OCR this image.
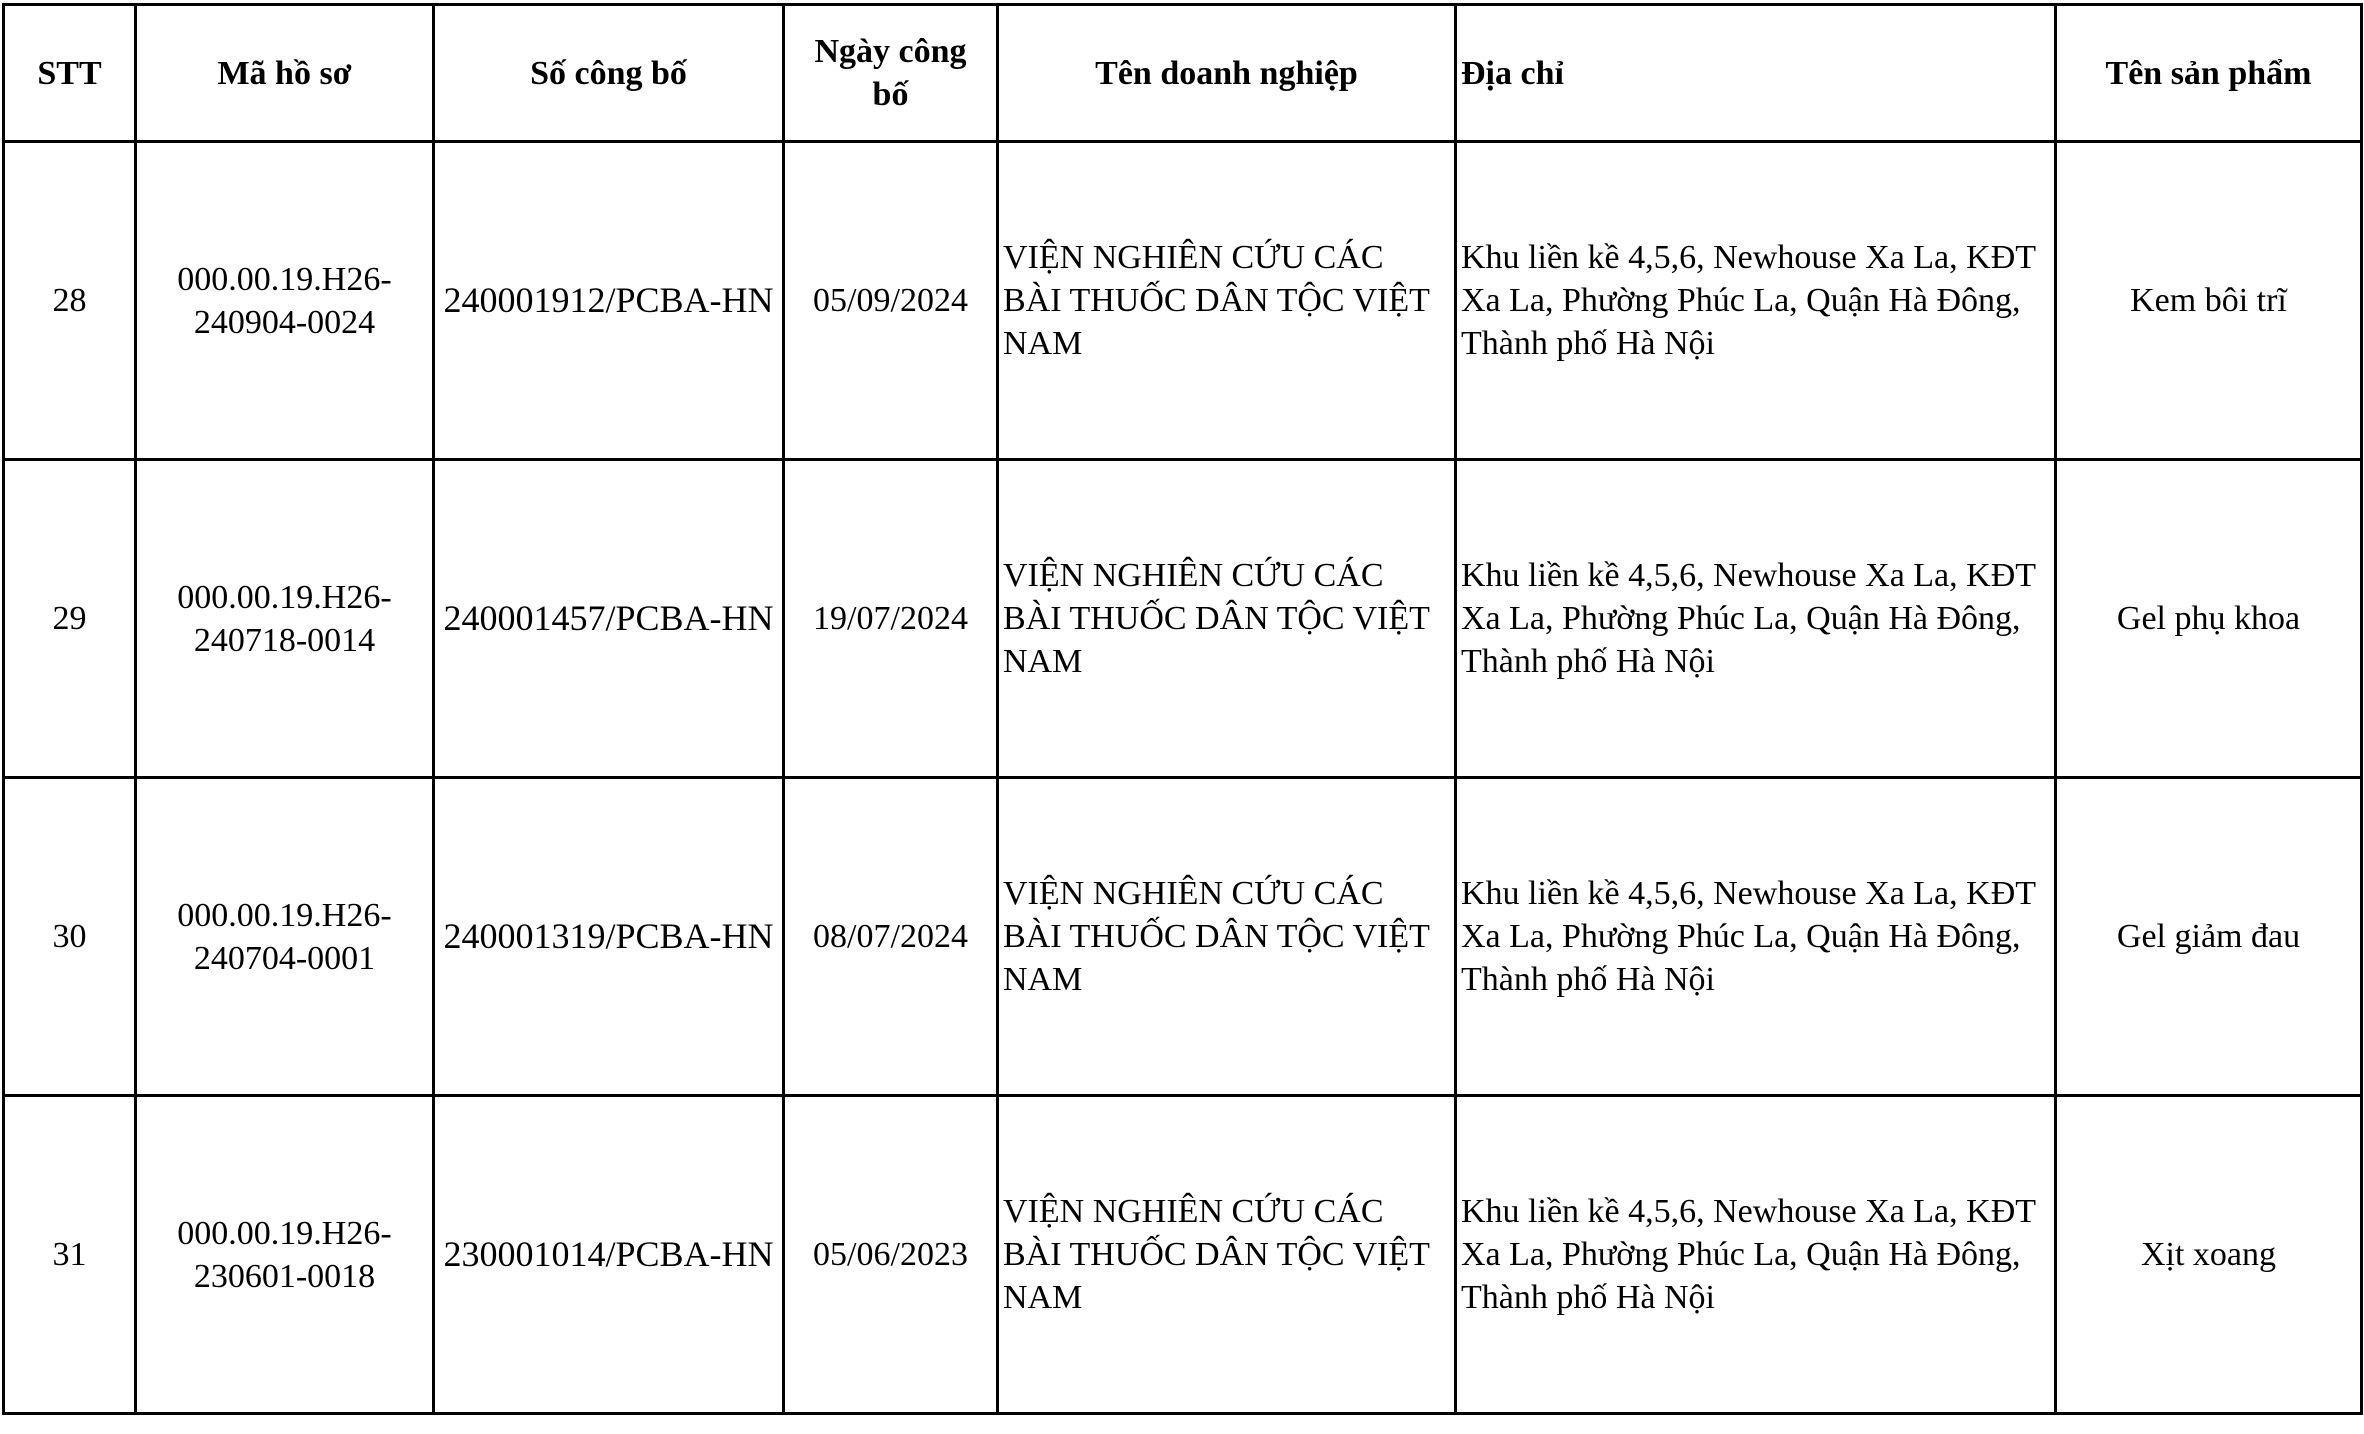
STT	Mã hồ sơ	Số công bố	Ngày công bố	Tên doanh nghiệp	Địa chỉ	Tên sản phẩm
28	000.00.19.H26-240904-0024	240001912/PCBA-HN	05/09/2024	VIỆN NGHIÊN CỨU CÁC BÀI THUỐC DÂN TỘC VIỆT NAM	Khu liền kề 4,5,6, Newhouse Xa La, KĐT Xa La, Phường Phúc La, Quận Hà Đông, Thành phố Hà Nội	Kem bôi trĩ
29	000.00.19.H26-240718-0014	240001457/PCBA-HN	19/07/2024	VIỆN NGHIÊN CỨU CÁC BÀI THUỐC DÂN TỘC VIỆT NAM	Khu liền kề 4,5,6, Newhouse Xa La, KĐT Xa La, Phường Phúc La, Quận Hà Đông, Thành phố Hà Nội	Gel phụ khoa
30	000.00.19.H26-240704-0001	240001319/PCBA-HN	08/07/2024	VIỆN NGHIÊN CỨU CÁC BÀI THUỐC DÂN TỘC VIỆT NAM	Khu liền kề 4,5,6, Newhouse Xa La, KĐT Xa La, Phường Phúc La, Quận Hà Đông, Thành phố Hà Nội	Gel giảm đau
31	000.00.19.H26-230601-0018	230001014/PCBA-HN	05/06/2023	VIỆN NGHIÊN CỨU CÁC BÀI THUỐC DÂN TỘC VIỆT NAM	Khu liền kề 4,5,6, Newhouse Xa La, KĐT Xa La, Phường Phúc La, Quận Hà Đông, Thành phố Hà Nội	Xịt xoang
